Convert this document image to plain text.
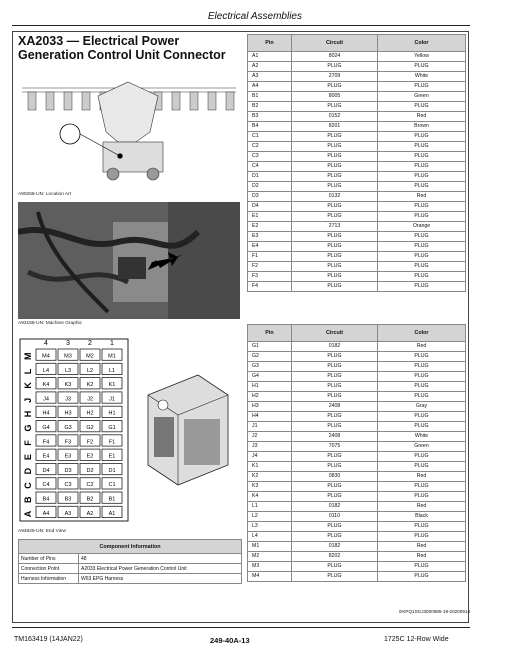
Electrical Assemblies
XA2033 — Electrical Power Generation Control Unit Connector
A90258-UN: Location Art
A93158-UN: Machine Graphic
M M4	M3	M2	M1
L L4	L3	L2	L1
K K4	K3	K2	K1
J J4	J3	J2	J1
H H4	H3	H2	H1
G G4	G3	G2	G1
F F4	F3	F2	F1
E E4	E3	E2	E1
D D4	D3	D2	D1
C C4	C3	C2	C1
B B4	B3	B2	B1
A A4	A3	A2	A1
4	3	2	1
A94829-UN: End View
Component Information	
Number of Pins	48
Connection Point	A2033 Electrical Power Generation Control Unit
Harness Information	W63 EPG Harness
Pin	Circuit	Color
A1	8024	Yellow
A2	PLUG	PLUG
A3	2709	White
A4	PLUG	PLUG
B1	8005	Green
B2	PLUG	PLUG
B3	0152	Red
B4	8201	Brown
C1	PLUG	PLUG
C2	PLUG	PLUG
C3	PLUG	PLUG
C4	PLUG	PLUG
D1	PLUG	PLUG
D2	PLUG	PLUG
D3	0132	Red
D4	PLUG	PLUG
E1	PLUG	PLUG
E2	2713	Orange
E3	PLUG	PLUG
E4	PLUG	PLUG
F1	PLUG	PLUG
F2	PLUG	PLUG
F3	PLUG	PLUG
F4	PLUG	PLUG
Pin	Circuit	Color
G1	0182	Red
G2	PLUG	PLUG
G3	PLUG	PLUG
G4	PLUG	PLUG
H1	PLUG	PLUG
H2	PLUG	PLUG
H3	2408	Gray
H4	PLUG	PLUG
J1	PLUG	PLUG
J2	2408	White
J3	7075	Green
J4	PLUG	PLUG
K1	PLUG	PLUG
K2	0830	Red
K3	PLUG	PLUG
K4	PLUG	PLUG
L1	0182	Red
L2	0110	Black
L3	PLUG	PLUG
L4	PLUG	PLUG
M1	0182	Red
M2	8202	Red
M3	PLUG	PLUG
M4	PLUG	PLUG
EKPQ1SGJ3000585-19-20200914
TM163419 (14JAN22)	249-40A-13	1725C 12-Row Wide
